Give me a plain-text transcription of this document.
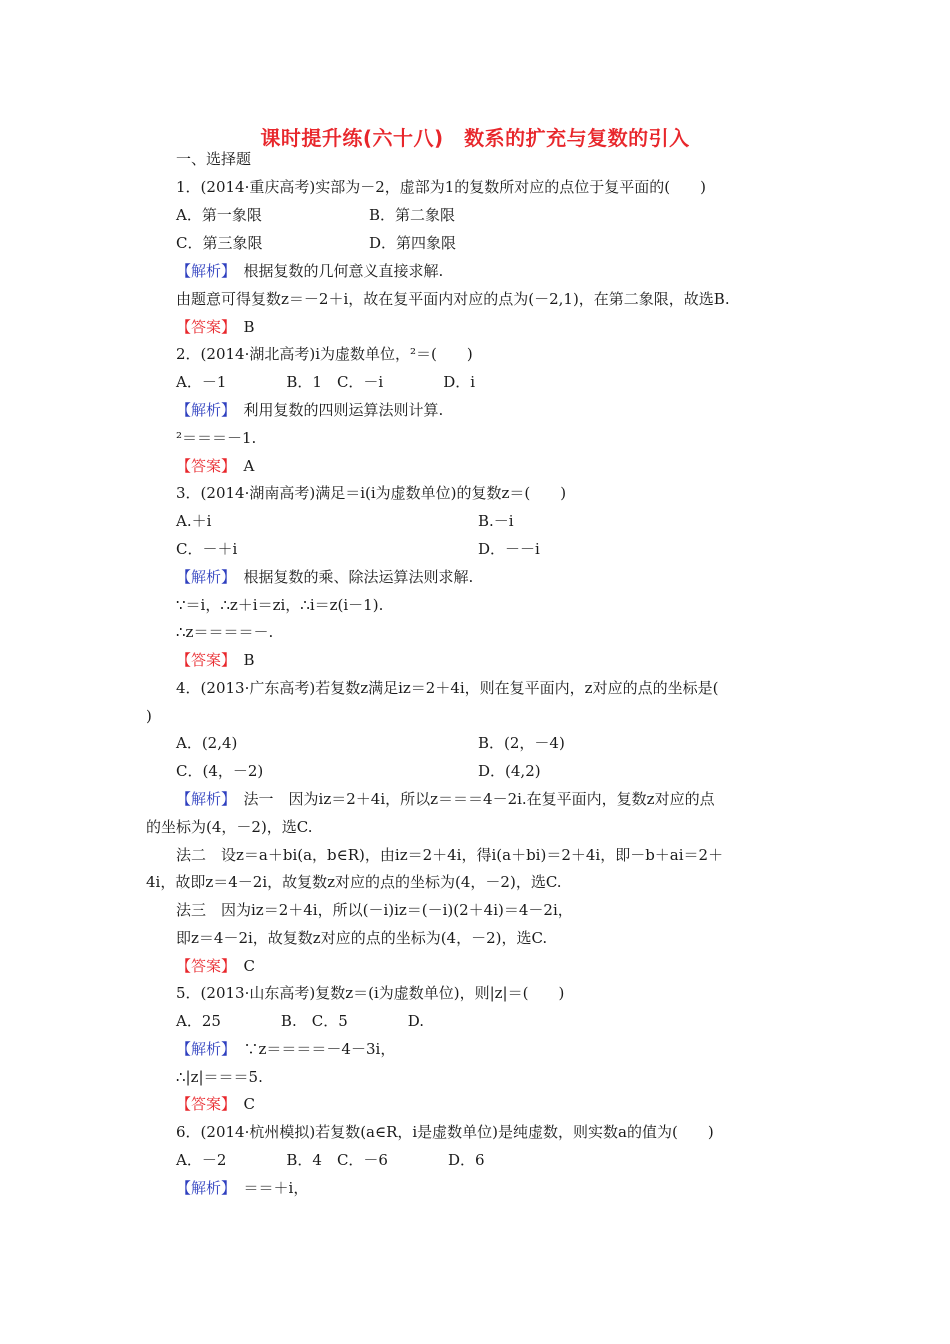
课时提升练(六十八)　数系的扩充与复数的引入
一、选择题
1．(2014·重庆高考)实部为－2，虚部为1的复数所对应的点位于复平面的(　　)
A．第一象限	B．第二象限
C．第三象限	D．第四象限
【解析】　 根据复数的几何意义直接求解.
由题意可得复数z＝－2＋i，故在复平面内对应的点为(－2,1)，在第二象限，故选B.
【答案】　 B
2．(2014·湖北高考)i为虚数单位，²＝(　　)
A．－1　　　　B．1　C．－i　　　　D．i
【解析】　 利用复数的四则运算法则计算.
²＝＝＝－1.
【答案】　 A
3．(2014·湖南高考)满足＝i(i为虚数单位)的复数z＝(　　)
A.＋i	B.－i
C．－＋i	D．－－i
【解析】　 根据复数的乘、除法运算法则求解.
∵＝i，∴z＋i＝zi，∴i＝z(i－1).
∴z＝＝＝＝－.
【答案】　 B
4．(2013·广东高考)若复数z满足iz＝2＋4i，则在复平面内，z对应的点的坐标是(
)
A．(2,4)	B．(2，－4)
C．(4，－2)	D．(4,2)
【解析】　 法一　因为iz＝2＋4i，所以z＝＝＝4－2i.在复平面内，复数z对应的点
的坐标为(4，－2)，选C.
法二　设z＝a＋bi(a，b∈R)，由iz＝2＋4i，得i(a＋bi)＝2＋4i，即－b＋ai＝2＋
4i，故即z＝4－2i，故复数z对应的点的坐标为(4，－2)，选C.
法三　因为iz＝2＋4i，所以(－i)iz＝(－i)(2＋4i)＝4－2i，
即z＝4－2i，故复数z对应的点的坐标为(4，－2)，选C.
【答案】　 C
5．(2013·山东高考)复数z＝(i为虚数单位)，则|z|＝(　　)
A．25　　　　B.　C．5　　　　D.
【解析】　 ∵z＝＝＝＝－4－3i，
∴|z|＝＝＝5.
【答案】　 C
6．(2014·杭州模拟)若复数(a∈R，i是虚数单位)是纯虚数，则实数a的值为(　　)
A．－2　　　　B．4　C．－6　　　　D．6
【解析】　 ＝＝＋i，
